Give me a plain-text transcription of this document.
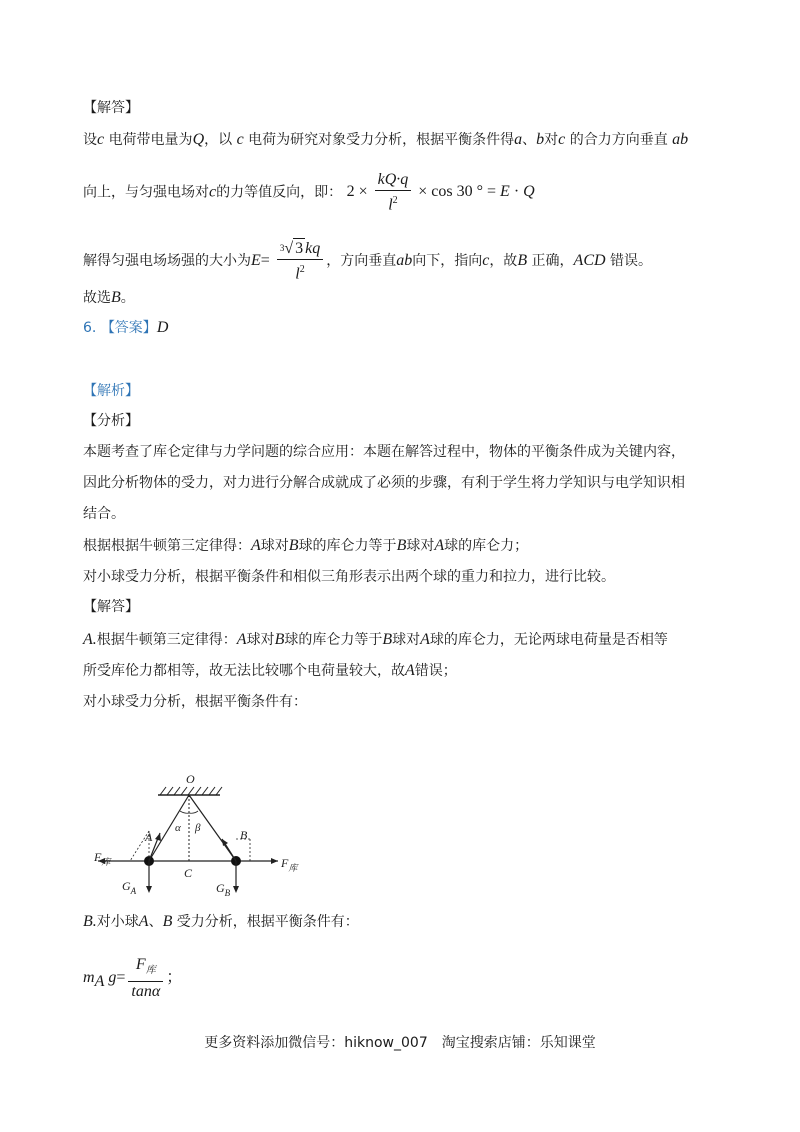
【解答】
设c 电荷带电量为Q，以 c 电荷为研究对象受力分析，根据平衡条件得a、b对c 的合力方向垂直 ab
向上，与匀强电场对c的力等值反向，即： $2 \times \frac{kQ\cdot q}{l^2} \times \cos 30$ ° = E · Q
解得匀强电场场强的大小为$E= \frac{^3√ 3 kq}{l^2}$ ，方向垂直ab向下，指向c，故B 正确，ACD 错误。
故选B。
6. 【答案】D
【解析】
【分析】
本题考查了库仑定律与力学问题的综合应用：本题在解答过程中，物体的平衡条件成为关键内容，
因此分析物体的受力，对力进行分解合成就成了必须的步骤，有利于学生将力学知识与电学知识相
结合。
根据根据牛顿第三定律得：A球对B球的库仑力等于B球对A球的库仑力；
对小球受力分析，根据平衡条件和相似三角形表示出两个球的重力和拉力，进行比较。
【解答】
A.根据牛顿第三定律得：A球对B球的库仑力等于B球对A球的库仑力，无论两球电荷量是否相等
所受库伦力都相等，故无法比较哪个电荷量较大，故A错误；
对小球受力分析，根据平衡条件有：
O
α β
A	B
C
$F_库$	$F_库$
$G_A$	$G_B$
B.对小球A、B 受力分析，根据平衡条件有：
$m_A$ $g= \frac{F_库}{\tan\alpha}$ ；
更多资料添加微信号：hiknow_007　淘宝搜索店铺：乐知课堂
